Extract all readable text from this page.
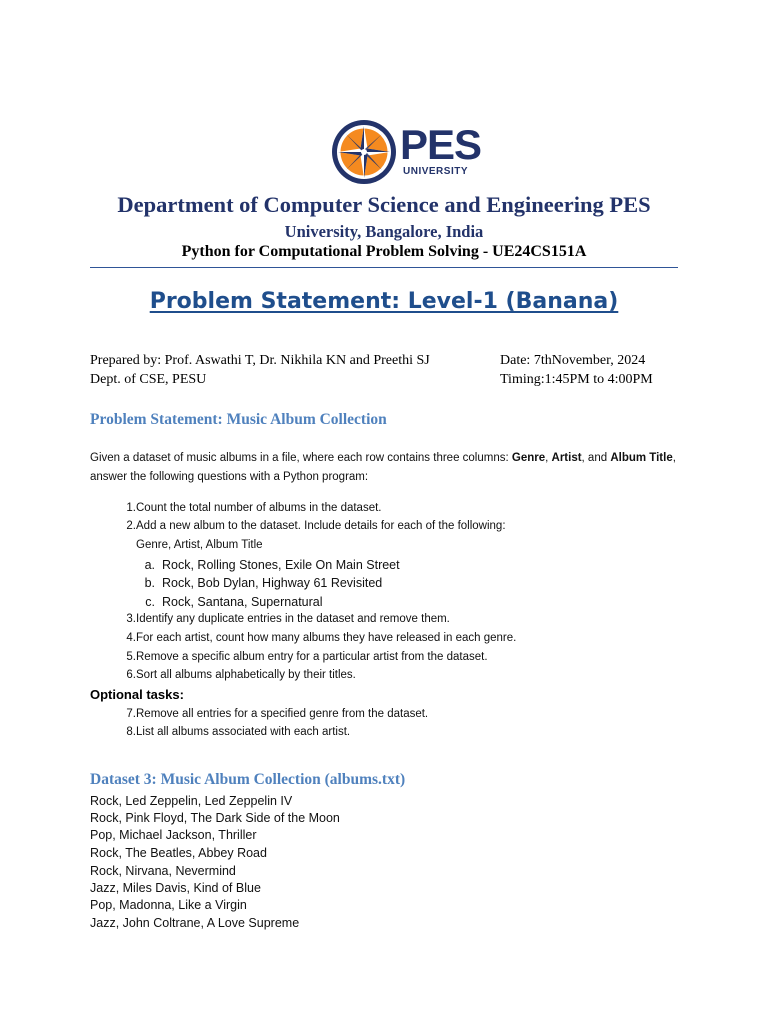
PES
UNIVERSITY
Department of Computer Science and Engineering PES
University, Bangalore, India
Python for Computational Problem Solving - UE24CS151A
Problem Statement: Level-1 (Banana)
Prepared by: Prof. Aswathi T, Dr. Nikhila KN and Preethi SJ
Dept. of CSE, PESU
Date: 7thNovember, 2024
Timing:1:45PM to 4:00PM
Problem Statement: Music Album Collection
Given a dataset of music albums in a file, where each row contains three columns: Genre, Artist, and Album Title, answer the following questions with a Python program:
1. Count the total number of albums in the dataset.
2. Add a new album to the dataset. Include details for each of the following:
Genre, Artist, Album Title
a. Rock, Rolling Stones, Exile On Main Street
b. Rock, Bob Dylan, Highway 61 Revisited
c. Rock, Santana, Supernatural
3. Identify any duplicate entries in the dataset and remove them.
4. For each artist, count how many albums they have released in each genre.
5. Remove a specific album entry for a particular artist from the dataset.
6. Sort all albums alphabetically by their titles.
Optional tasks:
7. Remove all entries for a specified genre from the dataset.
8. List all albums associated with each artist.
Dataset 3: Music Album Collection (albums.txt)
Rock, Led Zeppelin, Led Zeppelin IV
Rock, Pink Floyd, The Dark Side of the Moon
Pop, Michael Jackson, Thriller
Rock, The Beatles, Abbey Road
Rock, Nirvana, Nevermind
Jazz, Miles Davis, Kind of Blue
Pop, Madonna, Like a Virgin
Jazz, John Coltrane, A Love Supreme
